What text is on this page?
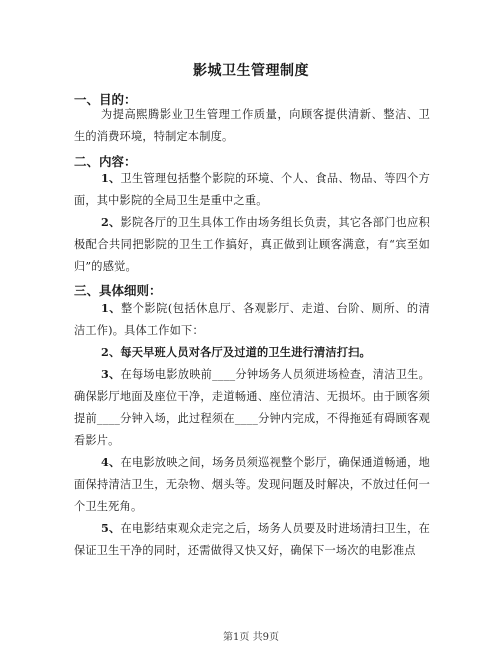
影城卫生管理制度
一、目的：
为提高熙腾影业卫生管理工作质量，向顾客提供清新、整洁、卫生的消费环境，特制定本制度。
二、内容：
1、卫生管理包括整个影院的环境、个人、食品、物品、等四个方面，其中影院的全局卫生是重中之重。
2、影院各厅的卫生具体工作由场务组长负责，其它各部门也应积极配合共同把影院的卫生工作搞好，真正做到让顾客满意，有“宾至如归”的感觉。
三、具体细则：
1、整个影院(包括休息厅、各观影厅、走道、台阶、厕所、的清洁工作)。具体工作如下：
2、每天早班人员对各厅及过道的卫生进行清洁打扫。
3、在每场电影放映前____分钟场务人员须进场检查，清洁卫生。确保影厅地面及座位干净，走道畅通、座位清洁、无损坏。由于顾客须提前____分钟入场，此过程须在____分钟内完成，不得拖延有碍顾客观看影片。
4、在电影放映之间，场务员须巡视整个影厅，确保通道畅通，地面保持清洁卫生，无杂物、烟头等。发现问题及时解决，不放过任何一个卫生死角。
5、在电影结束观众走完之后，场务人员要及时进场清扫卫生，在保证卫生干净的同时，还需做得又快又好，确保下一场次的电影准点
第1页 共9页
